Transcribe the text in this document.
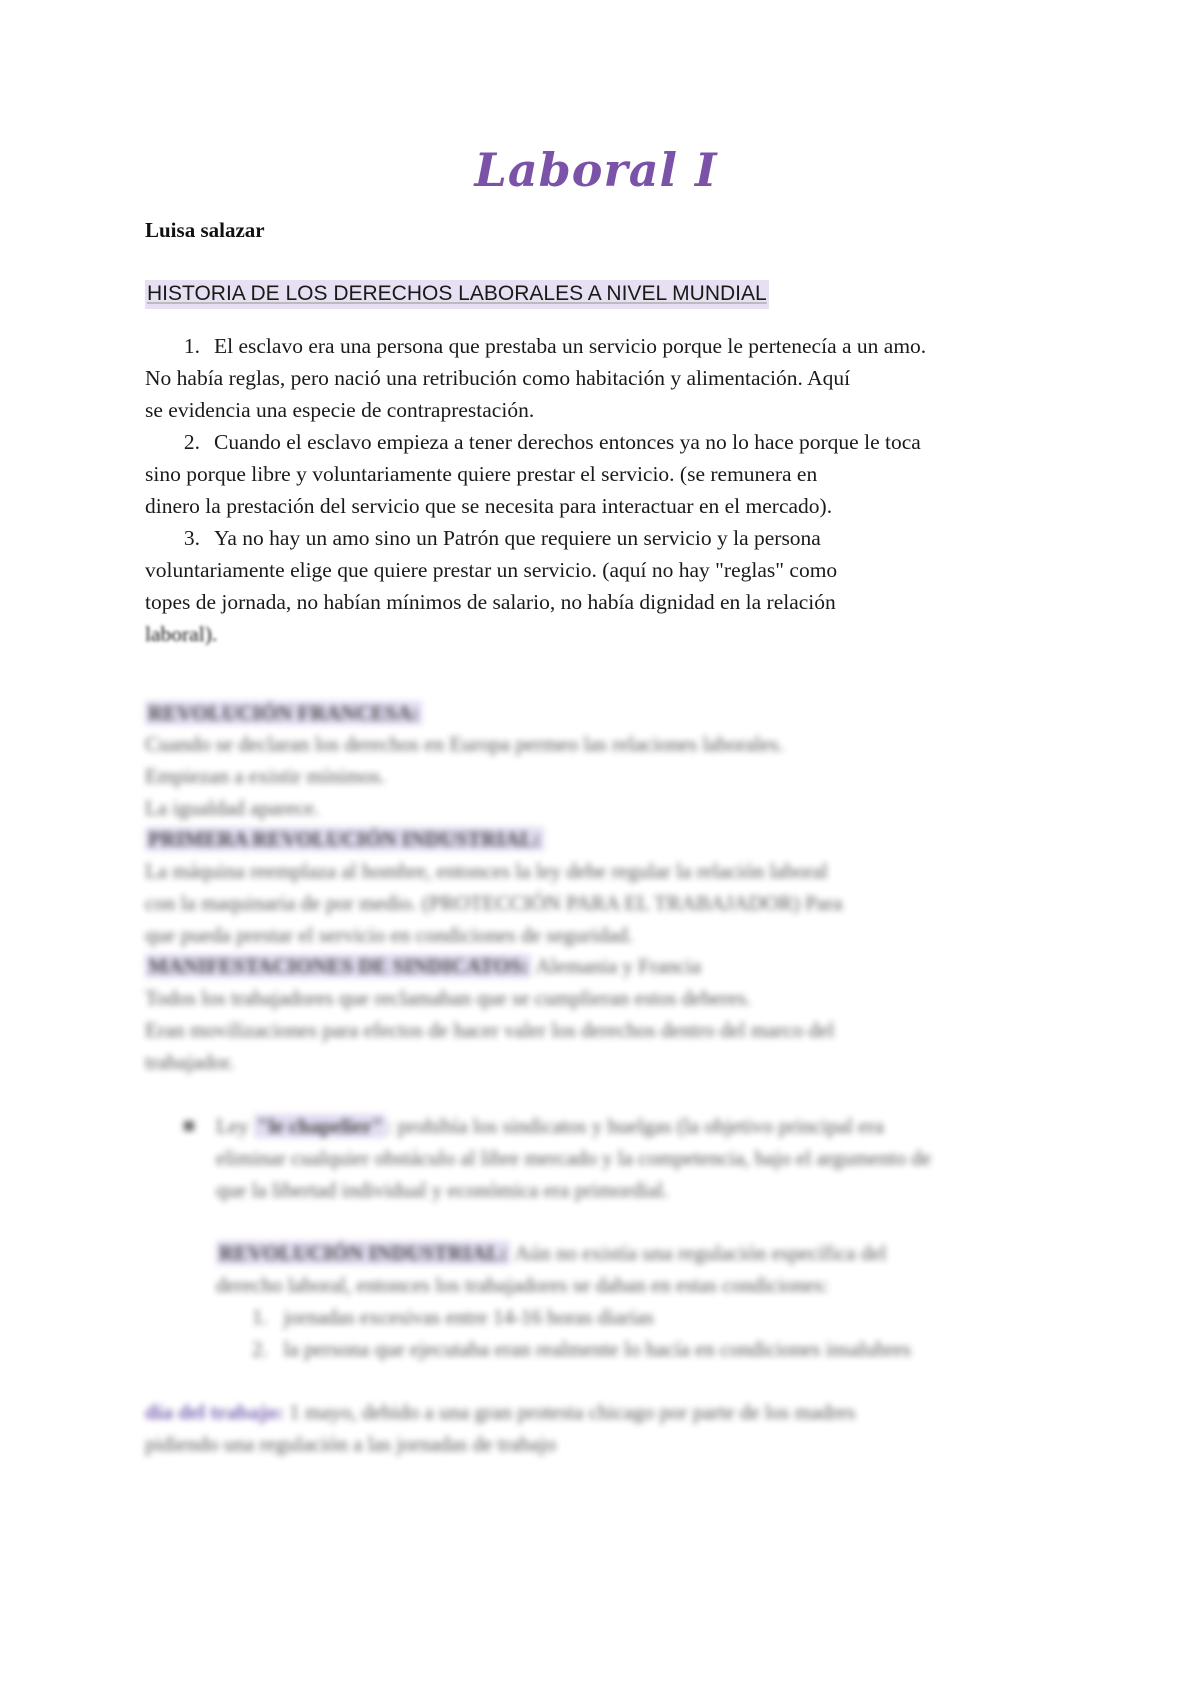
Laboral I
Luisa salazar
HISTORIA DE LOS DERECHOS LABORALES A NIVEL MUNDIAL
1. El esclavo era una persona que prestaba un servicio porque le pertenecía a un amo.
No había reglas, pero nació una retribución como habitación y alimentación. Aquí
se evidencia una especie de contraprestación.
2. Cuando el esclavo empieza a tener derechos entonces ya no lo hace porque le toca
sino porque libre y voluntariamente quiere prestar el servicio. (se remunera en
dinero la prestación del servicio que se necesita para interactuar en el mercado).
3. Ya no hay un amo sino un Patrón que requiere un servicio y la persona
voluntariamente elige que quiere prestar un servicio. (aquí no hay "reglas" como
topes de jornada, no habían mínimos de salario, no había dignidad en la relación
laboral).
REVOLUCIÓN FRANCESA:
Cuando se declaran los derechos en Europa permeo las relaciones laborales.
Empiezan a existir mínimos.
La igualdad aparece.
PRIMERA REVOLUCIÓN INDUSTRIAL:
La máquina reemplaza al hombre, entonces la ley debe regular la relación laboral
con la maquinaria de por medio. (PROTECCIÓN PARA EL TRABAJADOR) Para
que pueda prestar el servicio en condiciones de seguridad.
MANIFESTACIONES DE SINDICATOS: Alemania y Francia
Todos los trabajadores que reclamaban que se cumplieran estos deberes.
Eran movilizaciones para efectos de hacer valer los derechos dentro del marco del
trabajador.
Ley "le chapelier" : prohibía los sindicatos y huelgas (la objetivo principal era
eliminar cualquier obstáculo al libre mercado y la competencia, bajo el argumento de
que la libertad individual y económica era primordial.
REVOLUCIÓN INDUSTRIAL: Aún no existía una regulación específica del
derecho laboral, entonces los trabajadores se daban en estas condiciones:
1. jornadas excesivas entre 14-16 horas diarias
2. la persona que ejecutaba eran realmente lo hacía en condiciones insalubres
día del trabajo: 1 mayo, debido a una gran protesta chicago por parte de los madres
pidiendo una regulación a las jornadas de trabajo
